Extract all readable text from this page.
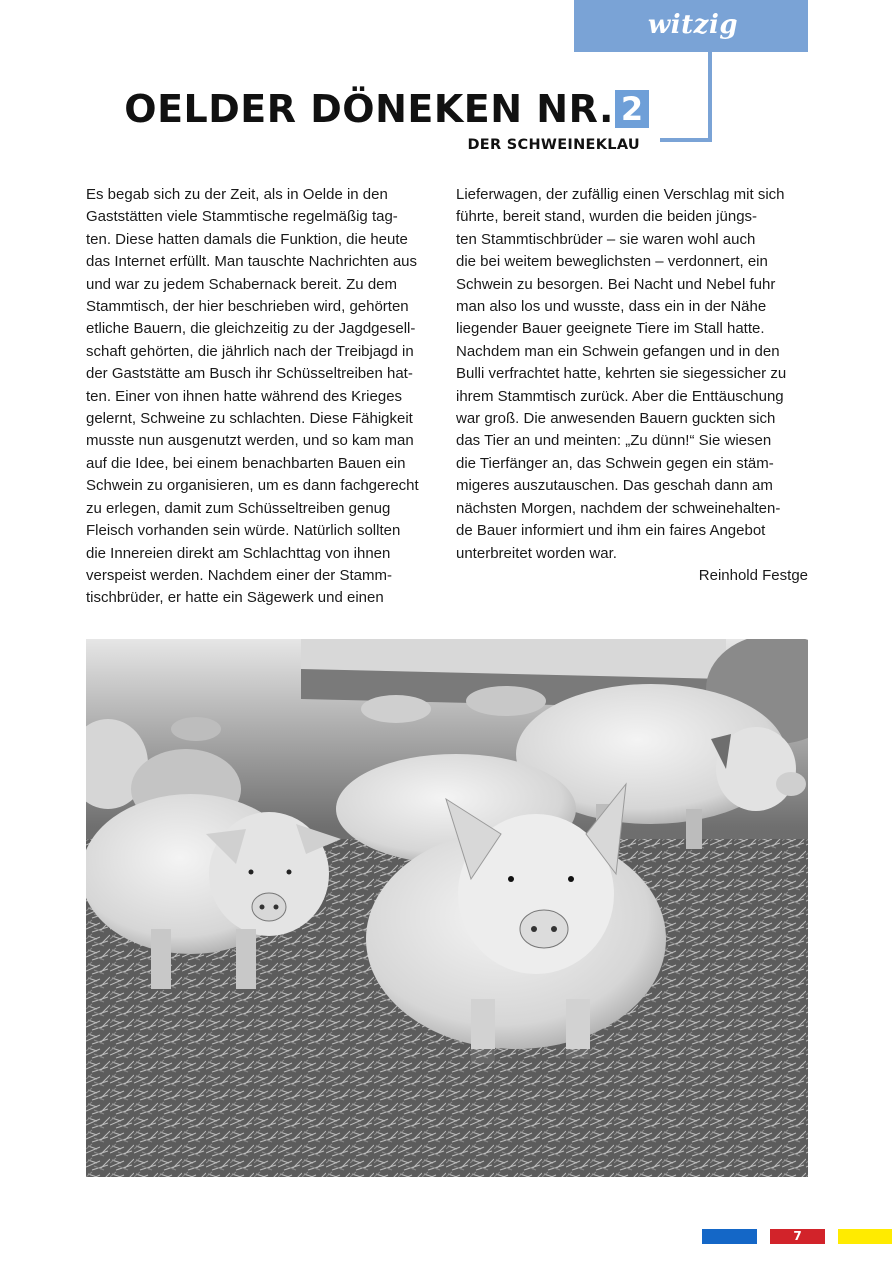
witzig
OELDER DÖNEKEN NR. 2
DER SCHWEINEKLAU
Es begab sich zu der Zeit, als in Oelde in den
Gaststätten viele Stammtische regelmäßig tag-
ten. Diese hatten damals die Funktion, die heute
das Internet erfüllt. Man tauschte Nachrichten aus
und war zu jedem Schabernack bereit. Zu dem
Stammtisch, der hier beschrieben wird, gehörten
etliche Bauern, die gleichzeitig zu der Jagdgesell-
schaft gehörten, die jährlich nach der Treibjagd in
der Gaststätte am Busch ihr Schüsseltreiben hat-
ten. Einer von ihnen hatte während des Krieges
gelernt, Schweine zu schlachten. Diese Fähigkeit
musste nun ausgenutzt werden, und so kam man
auf die Idee, bei einem benachbarten Bauen ein
Schwein zu organisieren, um es dann fachgerecht
zu erlegen, damit zum Schüsseltreiben genug
Fleisch vorhanden sein würde. Natürlich sollten
die Innereien direkt am Schlachttag von ihnen
verspeist werden. Nachdem einer der Stamm-
tischbrüder, er hatte ein Sägewerk und einen
Lieferwagen, der zufällig einen Verschlag mit sich
führte, bereit stand, wurden die beiden jüngs-
ten Stammtischbrüder – sie waren wohl auch
die bei weitem beweglichsten – verdonnert, ein
Schwein zu besorgen. Bei Nacht und Nebel fuhr
man also los und wusste, dass ein in der Nähe
liegender Bauer geeignete Tiere im Stall hatte.
Nachdem man ein Schwein gefangen und in den
Bulli verfrachtet hatte, kehrten sie siegessicher zu
ihrem Stammtisch zurück. Aber die Enttäuschung
war groß. Die anwesenden Bauern guckten sich
das Tier an und meinten: „Zu dünn!“ Sie wiesen
die Tierfänger an, das Schwein gegen ein stäm-
migeres auszutauschen. Das geschah dann am
nächsten Morgen, nachdem der schweinehalten-
de Bauer informiert und ihm ein faires Angebot
unterbreitet worden war.
Reinhold Festge
7
